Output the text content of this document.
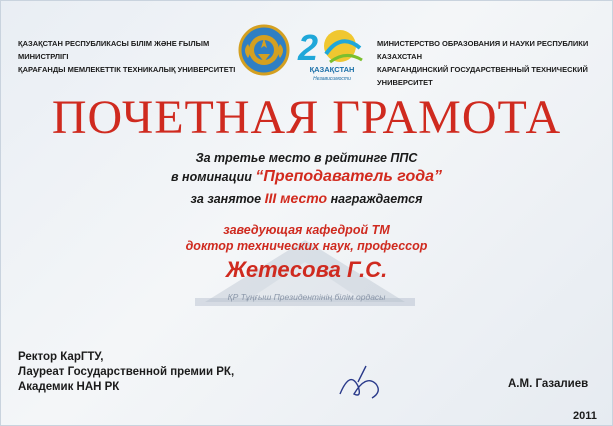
ҚАЗАҚСТАН РЕСПУБЛИКАСЫ БІЛІМ ЖӘНЕ ҒЫЛЫМ МИНИСТРЛІГІ
ҚАРАҒАНДЫ МЕМЛЕКЕТТІК ТЕХНИКАЛЫҚ УНИВЕРСИТЕТІ
2
ҚАЗАҚСТАН
Независимости
МИНИСТЕРСТВО ОБРАЗОВАНИЯ И НАУКИ РЕСПУБЛИКИ КАЗАХСТАН
КАРАГАНДИНСКИЙ ГОСУДАРСТВЕННЫЙ ТЕХНИЧЕСКИЙ УНИВЕРСИТЕТ
ПОЧЕТНАЯ ГРАМОТА
За третье место в рейтинге ППС
в номинации “Преподаватель года”
за занятое III место награждается
ҚР Тұңғыш Президентінің білім ордасы
заведующая кафедрой ТМ
доктор технических наук, профессор
Жетесова Г.С.
Ректор КарГТУ,
Лауреат Государственной премии РК,
Академик НАН РК	А.М. Газалиев
2011
